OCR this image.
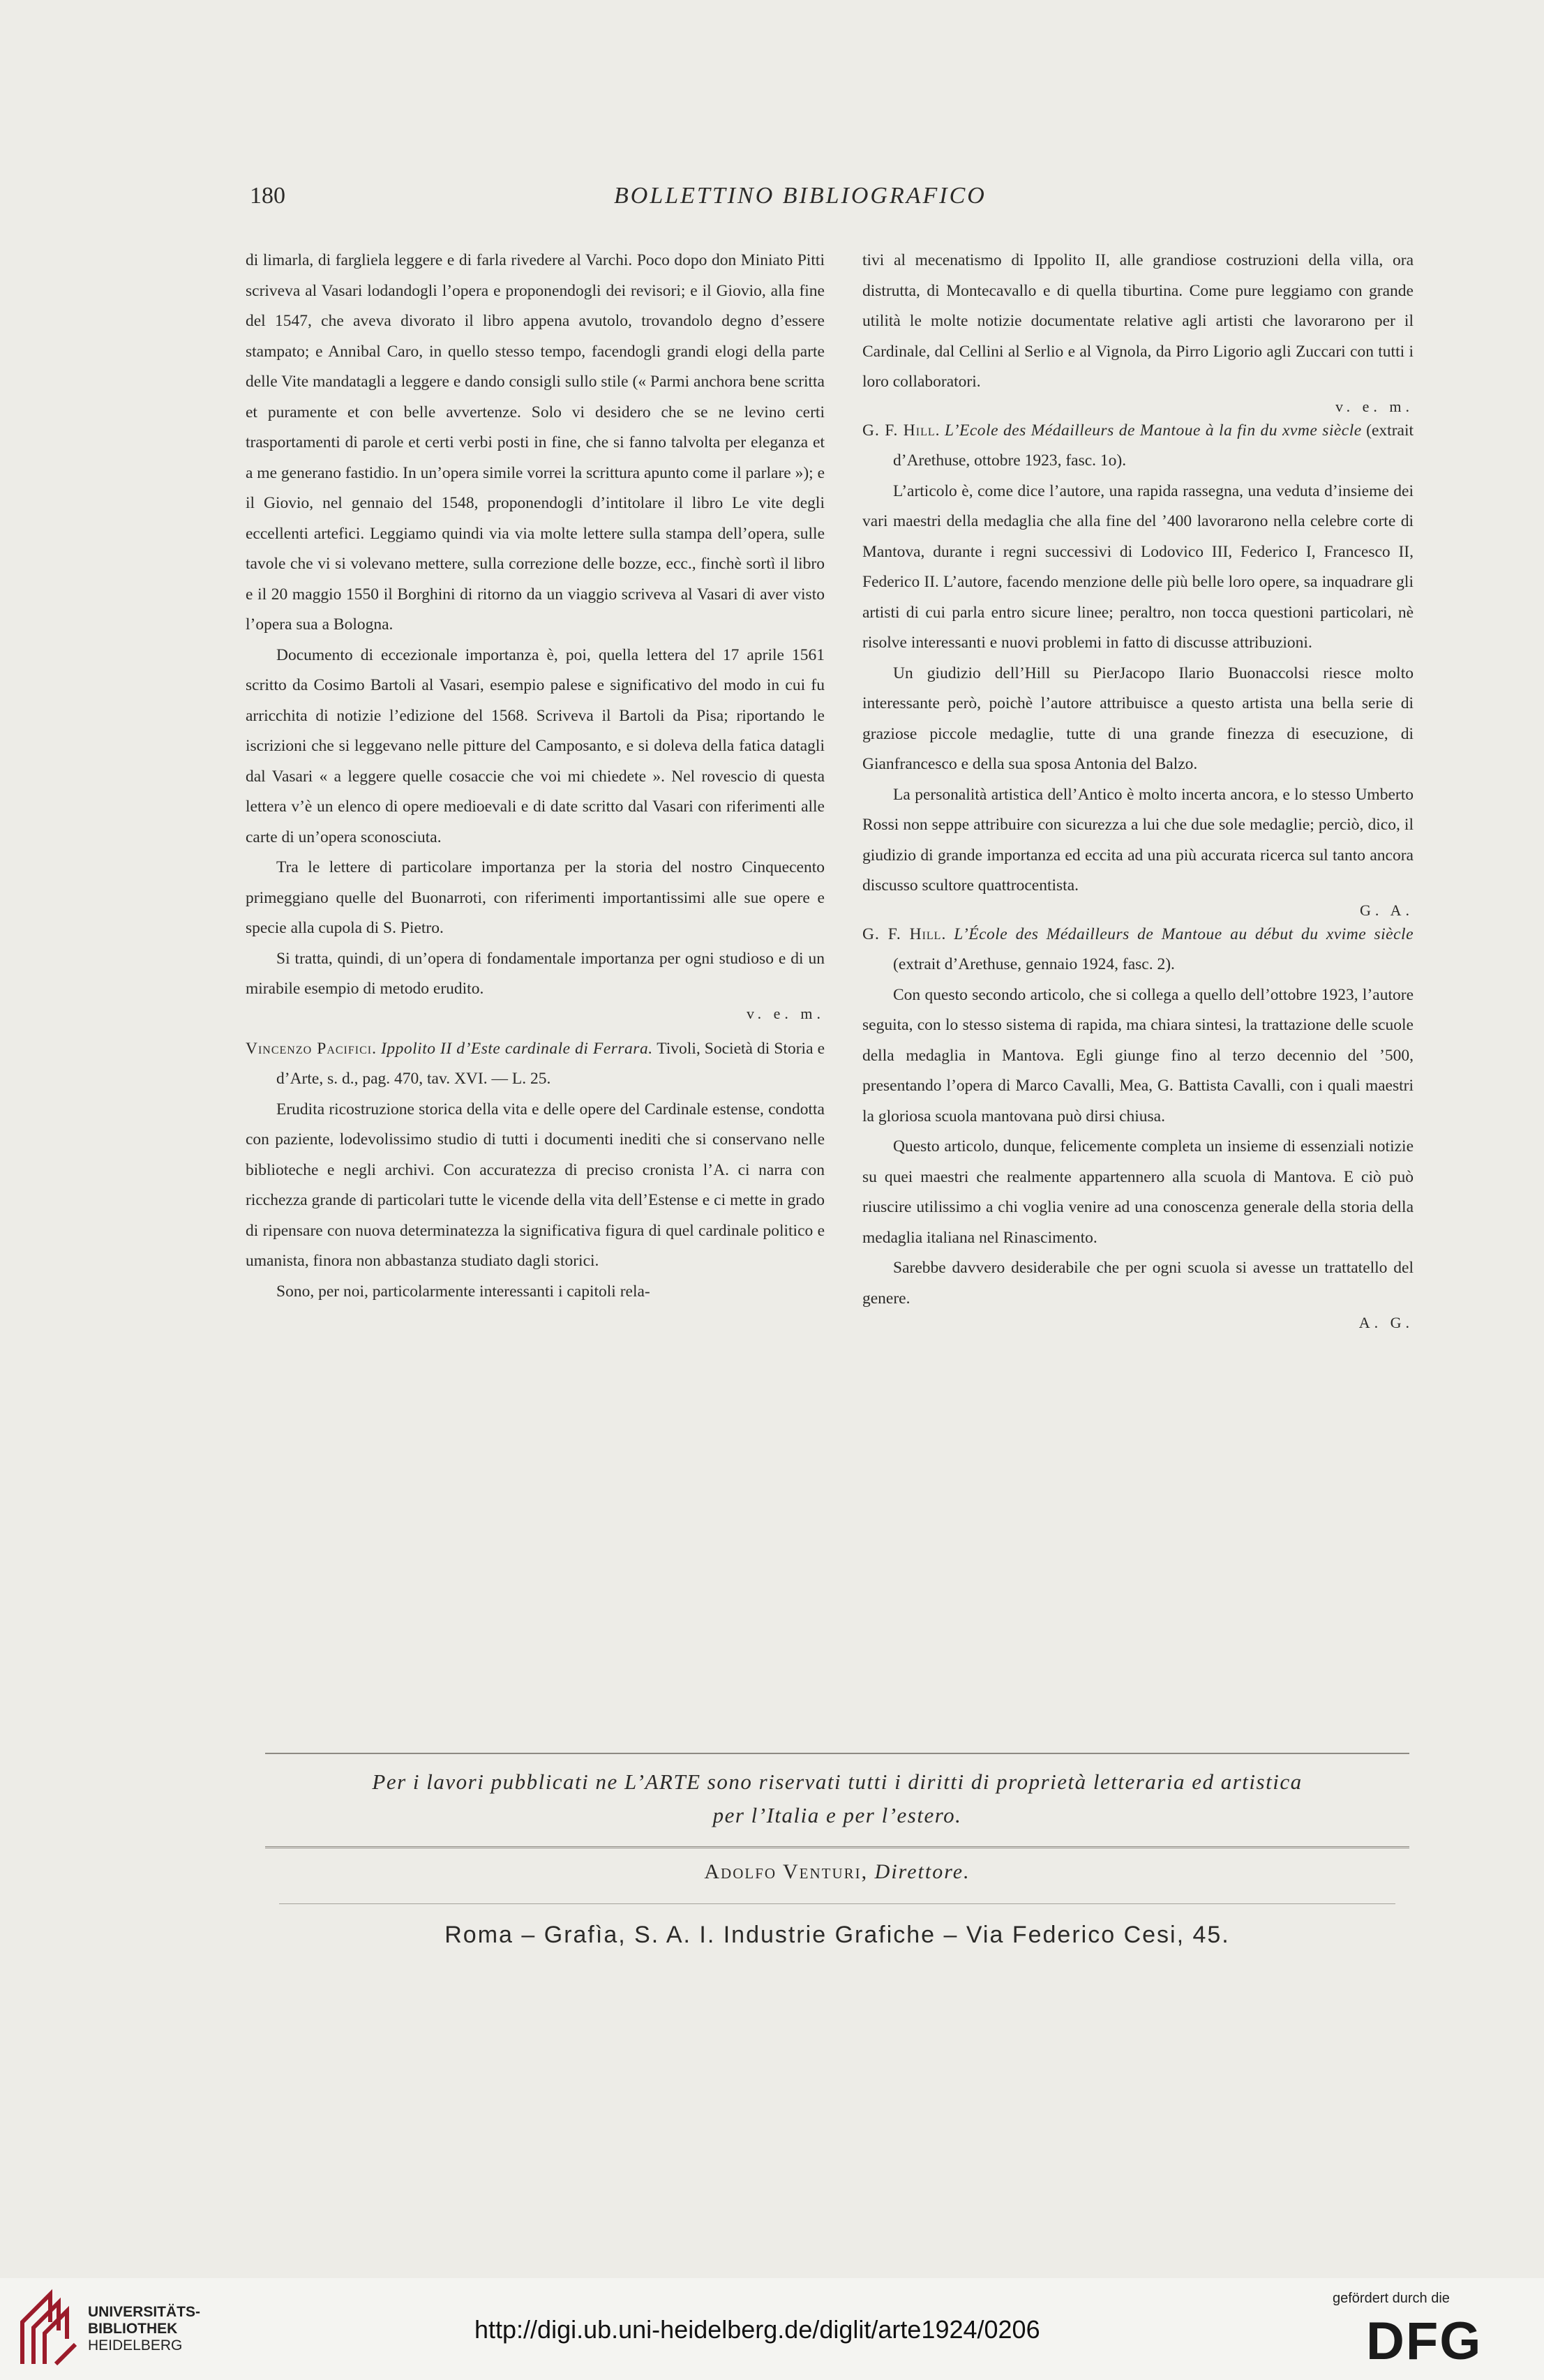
180	BOLLETTINO BIBLIOGRAFICO

di limarla, di fargliela leggere e di farla rivedere al Varchi. Poco dopo don Miniato Pitti scriveva al Vasari lodandogli l’opera e proponendogli dei revisori; e il Giovio, alla fine del 1547, che aveva divorato il libro appena avutolo, trovandolo degno d’essere stampato; e Annibal Caro, in quello stesso tempo, facendogli grandi elogi della parte delle Vite mandatagli a leggere e dando consigli sullo stile (« Parmi anchora bene scritta et puramente et con belle avvertenze. Solo vi desidero che se ne levino certi trasportamenti di parole et certi verbi posti in fine, che si fanno talvolta per eleganza et a me generano fastidio. In un’opera simile vorrei la scrittura apunto come il parlare »); e il Giovio, nel gennaio del 1548, proponendogli d’intitolare il libro Le vite degli eccellenti artefici. Leggiamo quindi via via molte lettere sulla stampa dell’opera, sulle tavole che vi si volevano mettere, sulla correzione delle bozze, ecc., finchè sortì il libro e il 20 maggio 1550 il Borghini di ritorno da un viaggio scriveva al Vasari di aver visto l’opera sua a Bologna.

Documento di eccezionale importanza è, poi, quella lettera del 17 aprile 1561 scritto da Cosimo Bartoli al Vasari, esempio palese e significativo del modo in cui fu arricchita di notizie l’edizione del 1568. Scriveva il Bartoli da Pisa; riportando le iscrizioni che si leggevano nelle pitture del Camposanto, e si doleva della fatica datagli dal Vasari « a leggere quelle cosaccie che voi mi chiedete ». Nel rovescio di questa lettera v’è un elenco di opere medioevali e di date scritto dal Vasari con riferimenti alle carte di un’opera sconosciuta.

Tra le lettere di particolare importanza per la storia del nostro Cinquecento primeggiano quelle del Buonarroti, con riferimenti importantissimi alle sue opere e specie alla cupola di S. Pietro.

Si tratta, quindi, di un’opera di fondamentale importanza per ogni studioso e di un mirabile esempio di metodo erudito.

v. e. m.

Vincenzo Pacifici. Ippolito II d’Este cardinale di Ferrara. Tivoli, Società di Storia e d’Arte, s. d., pag. 470, tav. XVI. — L. 25.

Erudita ricostruzione storica della vita e delle opere del Cardinale estense, condotta con paziente, lodevolissimo studio di tutti i documenti inediti che si conservano nelle biblioteche e negli archivi. Con accuratezza di preciso cronista l’A. ci narra con ricchezza grande di particolari tutte le vicende della vita dell’Estense e ci mette in grado di ripensare con nuova determinatezza la significativa figura di quel cardinale politico e umanista, finora non abbastanza studiato dagli storici.

Sono, per noi, particolarmente interessanti i capitoli rela-

tivi al mecenatismo di Ippolito II, alle grandiose costruzioni della villa, ora distrutta, di Montecavallo e di quella tiburtina. Come pure leggiamo con grande utilità le molte notizie documentate relative agli artisti che lavorarono per il Cardinale, dal Cellini al Serlio e al Vignola, da Pirro Ligorio agli Zuccari con tutti i loro collaboratori.

v. e. m.

G. F. Hill. L’Ecole des Médailleurs de Mantoue à la fin du xvme siècle (extrait d’Arethuse, ottobre 1923, fasc. 1o).

L’articolo è, come dice l’autore, una rapida rassegna, una veduta d’insieme dei vari maestri della medaglia che alla fine del ’400 lavorarono nella celebre corte di Mantova, durante i regni successivi di Lodovico III, Federico I, Francesco II, Federico II. L’autore, facendo menzione delle più belle loro opere, sa inquadrare gli artisti di cui parla entro sicure linee; peraltro, non tocca questioni particolari, nè risolve interessanti e nuovi problemi in fatto di discusse attribuzioni.

Un giudizio dell’Hill su PierJacopo Ilario Buonaccolsi riesce molto interessante però, poichè l’autore attribuisce a questo artista una bella serie di graziose piccole medaglie, tutte di una grande finezza di esecuzione, di Gianfrancesco e della sua sposa Antonia del Balzo.

La personalità artistica dell’Antico è molto incerta ancora, e lo stesso Umberto Rossi non seppe attribuire con sicurezza a lui che due sole medaglie; perciò, dico, il giudizio di grande importanza ed eccita ad una più accurata ricerca sul tanto ancora discusso scultore quattrocentista.

G. A.

G. F. Hill. L’École des Médailleurs de Mantoue au début du xvime siècle (extrait d’Arethuse, gennaio 1924, fasc. 2).

Con questo secondo articolo, che si collega a quello dell’ottobre 1923, l’autore seguita, con lo stesso sistema di rapida, ma chiara sintesi, la trattazione delle scuole della medaglia in Mantova. Egli giunge fino al terzo decennio del ’500, presentando l’opera di Marco Cavalli, Mea, G. Battista Cavalli, con i quali maestri la gloriosa scuola mantovana può dirsi chiusa.

Questo articolo, dunque, felicemente completa un insieme di essenziali notizie su quei maestri che realmente appartennero alla scuola di Mantova. E ciò può riuscire utilissimo a chi voglia venire ad una conoscenza generale della storia della medaglia italiana nel Rinascimento.

Sarebbe davvero desiderabile che per ogni scuola si avesse un trattatello del genere.

A. G.
Per i lavori pubblicati ne L’ARTE sono riservati tutti i diritti di proprietà letteraria ed artistica
per l’Italia e per l’estero.
Adolfo Venturi, Direttore.
Roma – Grafìa, S. A. I. Industrie Grafiche – Via Federico Cesi, 45.
UNIVERSITÄTS-
BIBLIOTHEK
HEIDELBERG
http://digi.ub.uni-heidelberg.de/diglit/arte1924/0206
gefördert durch die
DFG
